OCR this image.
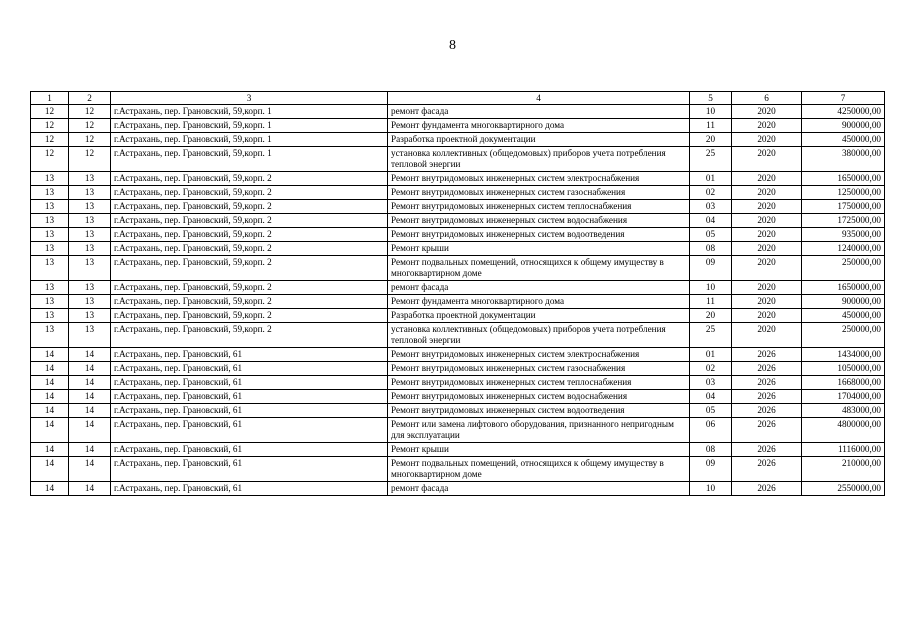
8
1	2	3	4	5	6	7
12	12	г.Астрахань, пер. Грановский, 59,корп. 1	ремонт фасада	10	2020	4250000,00
12	12	г.Астрахань, пер. Грановский, 59,корп. 1	Ремонт фундамента многоквартирного дома	11	2020	900000,00
12	12	г.Астрахань, пер. Грановский, 59,корп. 1	Разработка проектной документации	20	2020	450000,00
12	12	г.Астрахань, пер. Грановский, 59,корп. 1	установка коллективных (общедомовых) приборов учета потребления тепловой энергии	25	2020	380000,00
13	13	г.Астрахань, пер. Грановский, 59,корп. 2	Ремонт внутридомовых инженерных систем электроснабжения	01	2020	1650000,00
13	13	г.Астрахань, пер. Грановский, 59,корп. 2	Ремонт внутридомовых инженерных систем газоснабжения	02	2020	1250000,00
13	13	г.Астрахань, пер. Грановский, 59,корп. 2	Ремонт внутридомовых инженерных систем теплоснабжения	03	2020	1750000,00
13	13	г.Астрахань, пер. Грановский, 59,корп. 2	Ремонт внутридомовых инженерных систем водоснабжения	04	2020	1725000,00
13	13	г.Астрахань, пер. Грановский, 59,корп. 2	Ремонт внутридомовых инженерных систем водоотведения	05	2020	935000,00
13	13	г.Астрахань, пер. Грановский, 59,корп. 2	Ремонт крыши	08	2020	1240000,00
13	13	г.Астрахань, пер. Грановский, 59,корп. 2	Ремонт подвальных помещений, относящихся к общему имуществу в многоквартирном доме	09	2020	250000,00
13	13	г.Астрахань, пер. Грановский, 59,корп. 2	ремонт фасада	10	2020	1650000,00
13	13	г.Астрахань, пер. Грановский, 59,корп. 2	Ремонт фундамента многоквартирного дома	11	2020	900000,00
13	13	г.Астрахань, пер. Грановский, 59,корп. 2	Разработка проектной документации	20	2020	450000,00
13	13	г.Астрахань, пер. Грановский, 59,корп. 2	установка коллективных (общедомовых) приборов учета потребления тепловой энергии	25	2020	250000,00
14	14	г.Астрахань, пер. Грановский, 61	Ремонт внутридомовых инженерных систем электроснабжения	01	2026	1434000,00
14	14	г.Астрахань, пер. Грановский, 61	Ремонт внутридомовых инженерных систем газоснабжения	02	2026	1050000,00
14	14	г.Астрахань, пер. Грановский, 61	Ремонт внутридомовых инженерных систем теплоснабжения	03	2026	1668000,00
14	14	г.Астрахань, пер. Грановский, 61	Ремонт внутридомовых инженерных систем водоснабжения	04	2026	1704000,00
14	14	г.Астрахань, пер. Грановский, 61	Ремонт внутридомовых инженерных систем водоотведения	05	2026	483000,00
14	14	г.Астрахань, пер. Грановский, 61	Ремонт или замена лифтового оборудования, признанного непригодным для эксплуатации	06	2026	4800000,00
14	14	г.Астрахань, пер. Грановский, 61	Ремонт крыши	08	2026	1116000,00
14	14	г.Астрахань, пер. Грановский, 61	Ремонт подвальных помещений, относящихся к общему имуществу в многоквартирном доме	09	2026	210000,00
14	14	г.Астрахань, пер. Грановский, 61	ремонт фасада	10	2026	2550000,00
